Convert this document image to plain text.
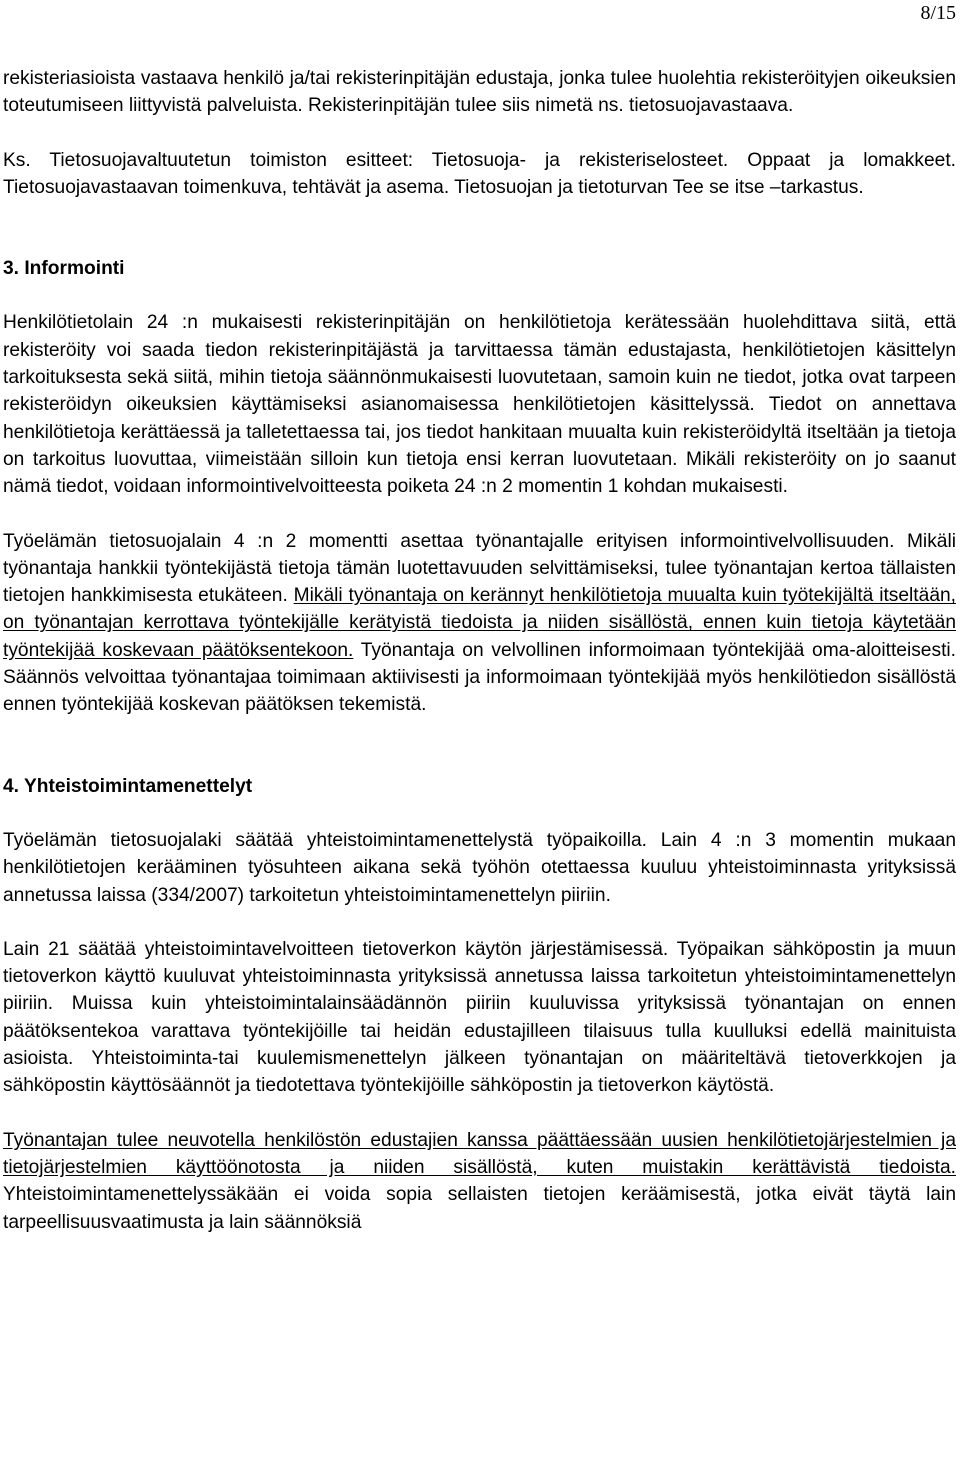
8/15

rekisteriasioista vastaava henkilö ja/tai rekisterinpitäjän edustaja, jonka tulee huolehtia rekisteröityjen oikeuksien toteutumiseen liittyvistä palveluista. Rekisterinpitäjän tulee siis nimetä ns. tietosuojavastaava.

Ks. Tietosuojavaltuutetun toimiston esitteet: Tietosuoja- ja rekisteriselosteet. Oppaat ja lomakkeet. Tietosuojavastaavan toimenkuva, tehtävät ja asema. Tietosuojan ja tietoturvan Tee se itse –tarkastus.

3. Informointi

Henkilötietolain 24 :n mukaisesti rekisterinpitäjän on henkilötietoja kerätessään huolehdittava siitä, että rekisteröity voi saada tiedon rekisterinpitäjästä ja tarvittaessa tämän edustajasta, henkilötietojen käsittelyn tarkoituksesta sekä siitä, mihin tietoja säännönmukaisesti luovutetaan, samoin kuin ne tiedot, jotka ovat tarpeen rekisteröidyn oikeuksien käyttämiseksi asianomaisessa henkilötietojen käsittelyssä. Tiedot on annettava henkilötietoja kerättäessä ja talletettaessa tai, jos tiedot hankitaan muualta kuin rekisteröidyltä itseltään ja tietoja on tarkoitus luovuttaa, viimeistään silloin kun tietoja ensi kerran luovutetaan. Mikäli rekisteröity on jo saanut nämä tiedot, voidaan informointivelvoitteesta poiketa 24 :n 2 momentin 1 kohdan mukaisesti.

Työelämän tietosuojalain 4 :n 2 momentti asettaa työnantajalle erityisen informointivelvollisuuden. Mikäli työnantaja hankkii työntekijästä tietoja tämän luotettavuuden selvittämiseksi, tulee työnantajan kertoa tällaisten tietojen hankkimisesta etukäteen. Mikäli työnantaja on kerännyt henkilötietoja muualta kuin työtekijältä itseltään, on työnantajan kerrottava työntekijälle kerätyistä tiedoista ja niiden sisällöstä, ennen kuin tietoja käytetään työntekijää koskevaan päätöksentekoon. Työnantaja on velvollinen informoimaan työntekijää oma-aloitteisesti. Säännös velvoittaa työnantajaa toimimaan aktiivisesti ja informoimaan työntekijää myös henkilötiedon sisällöstä ennen työntekijää koskevan päätöksen tekemistä.

4. Yhteistoimintamenettelyt

Työelämän tietosuojalaki säätää yhteistoimintamenettelystä työpaikoilla. Lain 4 :n 3 momentin mukaan henkilötietojen kerääminen työsuhteen aikana sekä työhön otettaessa kuuluu yhteistoiminnasta yrityksissä annetussa laissa (334/2007) tarkoitetun yhteistoimintamenettelyn piiriin.

Lain 21 säätää yhteistoimintavelvoitteen tietoverkon käytön järjestämisessä. Työpaikan sähköpostin ja muun tietoverkon käyttö kuuluvat yhteistoiminnasta yrityksissä annetussa laissa tarkoitetun yhteistoimintamenettelyn piiriin. Muissa kuin yhteistoimintalainsäädännön piiriin kuuluvissa yrityksissä työnantajan on ennen päätöksentekoa varattava työntekijöille tai heidän edustajilleen tilaisuus tulla kuulluksi edellä mainituista asioista. Yhteistoiminta-tai kuulemismenettelyn jälkeen työnantajan on määriteltävä tietoverkkojen ja sähköpostin käyttösäännöt ja tiedotettava työntekijöille sähköpostin ja tietoverkon käytöstä.

Työnantajan tulee neuvotella henkilöstön edustajien kanssa päättäessään uusien henkilötietojärjestelmien ja tietojärjestelmien käyttöönotosta ja niiden sisällöstä, kuten muistakin kerättävistä tiedoista. Yhteistoimintamenettelyssäkään ei voida sopia sellaisten tietojen keräämisestä, jotka eivät täytä lain tarpeellisuusvaatimusta ja lain säännöksiä
